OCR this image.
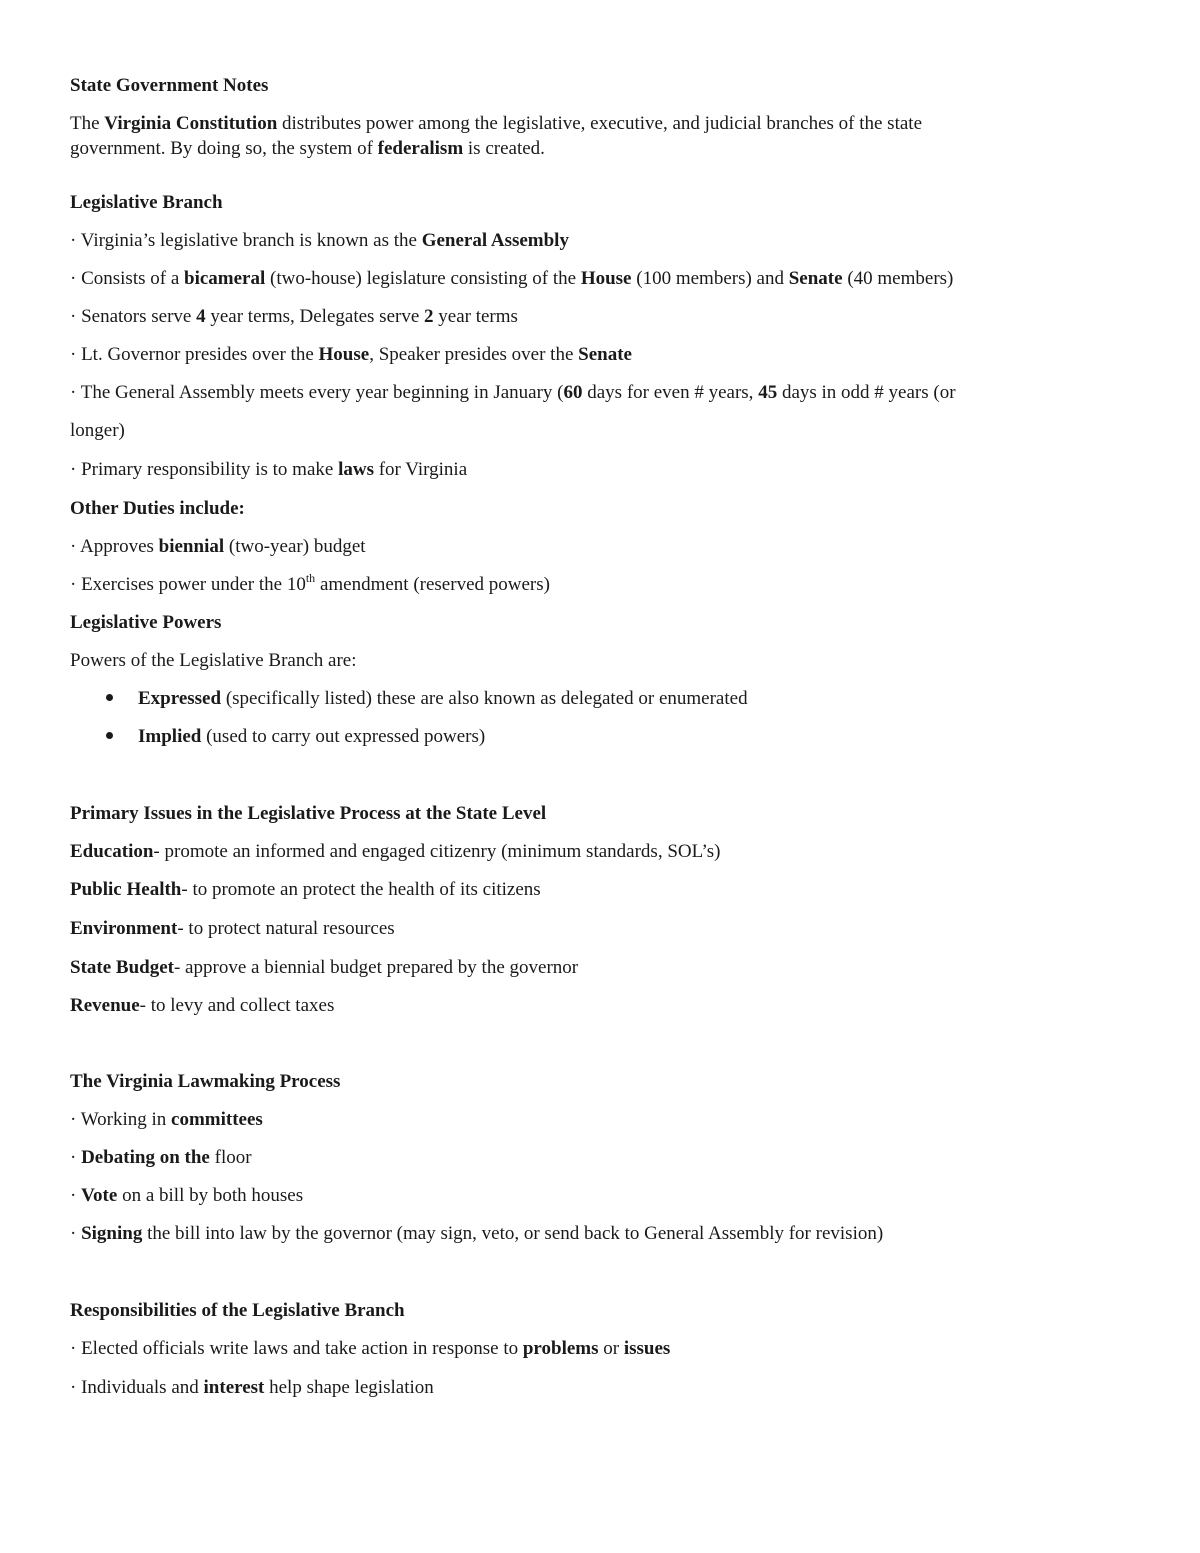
State Government Notes
The Virginia Constitution distributes power among the legislative, executive, and judicial branches of the state
government. By doing so, the system of federalism is created.
Legislative Branch
· Virginia’s legislative branch is known as the General Assembly
· Consists of a bicameral (two-house) legislature consisting of the House (100 members) and Senate (40 members)
· Senators serve 4 year terms, Delegates serve 2 year terms
· Lt. Governor presides over the House, Speaker presides over the Senate
· The General Assembly meets every year beginning in January (60 days for even # years, 45 days in odd # years (or
longer)
· Primary responsibility is to make laws for Virginia
Other Duties include:
· Approves biennial (two-year) budget
· Exercises power under the 10th amendment (reserved powers)
Legislative Powers
Powers of the Legislative Branch are:
Expressed (specifically listed) these are also known as delegated or enumerated
Implied (used to carry out expressed powers)
Primary Issues in the Legislative Process at the State Level
Education- promote an informed and engaged citizenry (minimum standards, SOL’s)
Public Health- to promote an protect the health of its citizens
Environment- to protect natural resources
State Budget- approve a biennial budget prepared by the governor
Revenue- to levy and collect taxes
The Virginia Lawmaking Process
· Working in committees
· Debating on the floor
· Vote on a bill by both houses
· Signing the bill into law by the governor (may sign, veto, or send back to General Assembly for revision)
Responsibilities of the Legislative Branch
· Elected officials write laws and take action in response to problems or issues
· Individuals and interest help shape legislation
